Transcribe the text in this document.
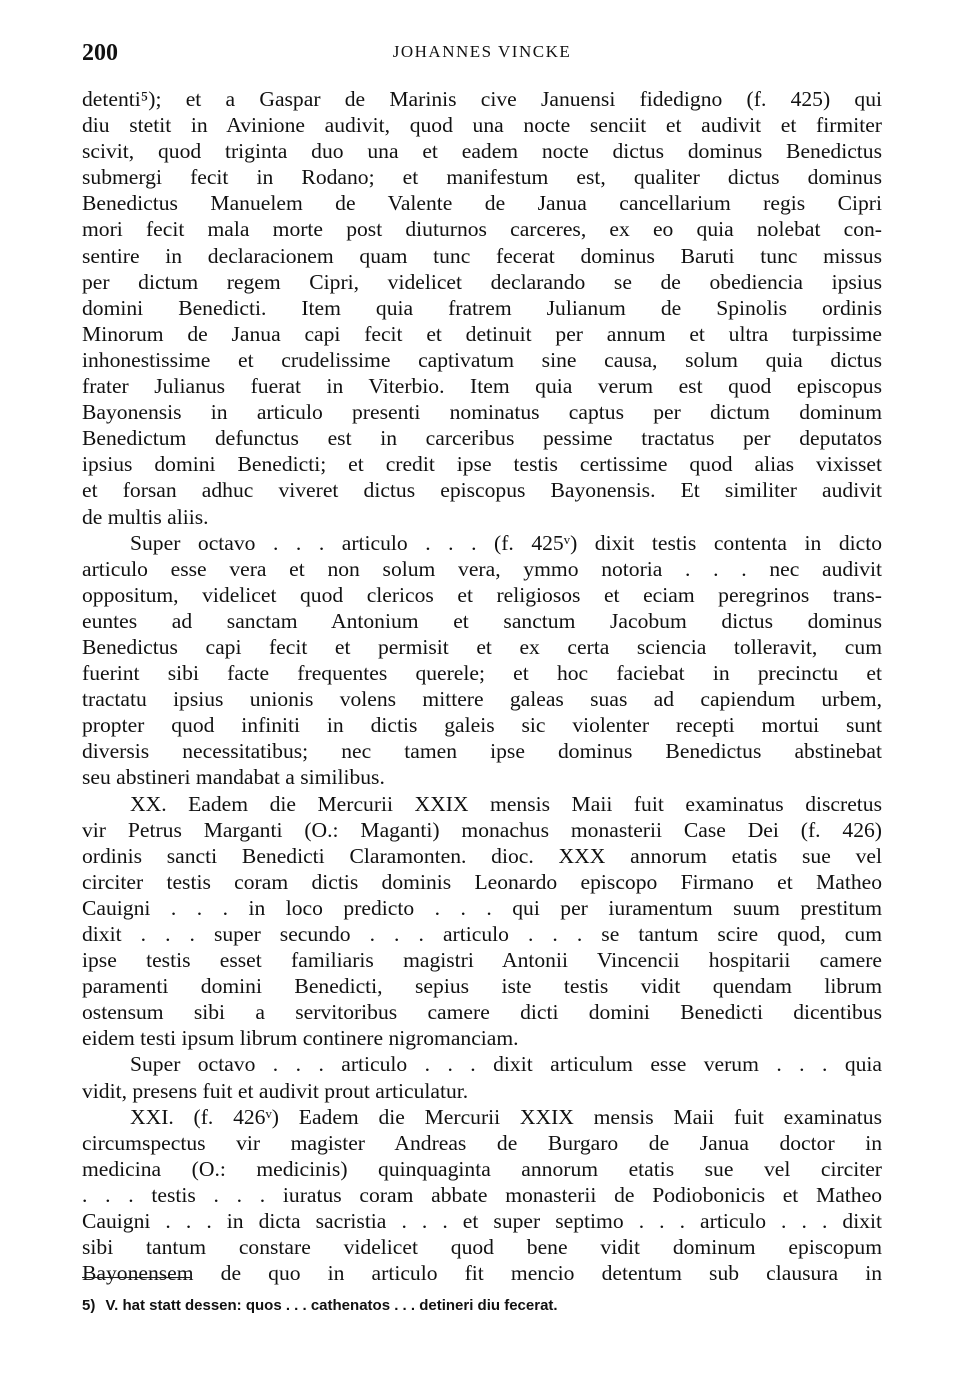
200	JOHANNES VINCKE
detenti⁵); et a Gaspar de Marinis cive Januensi fidedigno (f. 425) qui
diu stetit in Avinione audivit, quod una nocte senciit et audivit et firmiter
scivit, quod triginta duo una et eadem nocte dictus dominus Benedictus
submergi fecit in Rodano; et manifestum est, qualiter dictus dominus
Benedictus Manuelem de Valente de Janua cancellarium regis Cipri
mori fecit mala morte post diuturnos carceres, ex eo quia nolebat con-
sentire in declaracionem quam tunc fecerat dominus Baruti tunc missus
per dictum regem Cipri, videlicet declarando se de obediencia ipsius
domini Benedicti. Item quia fratrem Julianum de Spinolis ordinis
Minorum de Janua capi fecit et detinuit per annum et ultra turpissime
inhonestissime et crudelissime captivatum sine causa, solum quia dictus
frater Julianus fuerat in Viterbio. Item quia verum est quod episcopus
Bayonensis in articulo presenti nominatus captus per dictum dominum
Benedictum defunctus est in carceribus pessime tractatus per deputatos
ipsius domini Benedicti; et credit ipse testis certissime quod alias vixisset
et forsan adhuc viveret dictus episcopus Bayonensis. Et similiter audivit
de multis aliis.
Super octavo . . . articulo . . . (f. 425ᵛ) dixit testis contenta in dicto
articulo esse vera et non solum vera, ymmo notoria . . . nec audivit
oppositum, videlicet quod clericos et religiosos et eciam peregrinos trans-
euntes ad sanctam Antonium et sanctum Jacobum dictus dominus
Benedictus capi fecit et permisit et ex certa sciencia tolleravit, cum
fuerint sibi facte frequentes querele; et hoc faciebat in precinctu et
tractatu ipsius unionis volens mittere galeas suas ad capiendum urbem,
propter quod infiniti in dictis galeis sic violenter recepti mortui sunt
diversis necessitatibus; nec tamen ipse dominus Benedictus abstinebat
seu abstineri mandabat a similibus.
XX. Eadem die Mercurii XXIX mensis Maii fuit examinatus discretus
vir Petrus Marganti (O.: Maganti) monachus monasterii Case Dei (f. 426)
ordinis sancti Benedicti Claramonten. dioc. XXX annorum etatis sue vel
circiter testis coram dictis dominis Leonardo episcopo Firmano et Matheo
Cauigni . . . in loco predicto . . . qui per iuramentum suum prestitum
dixit . . . super secundo . . . articulo . . . se tantum scire quod, cum
ipse testis esset familiaris magistri Antonii Vincencii hospitarii camere
paramenti domini Benedicti, sepius iste testis vidit quendam librum
ostensum sibi a servitoribus camere dicti domini Benedicti dicentibus
eidem testi ipsum librum continere nigromanciam.
Super octavo . . . articulo . . . dixit articulum esse verum . . . quia
vidit, presens fuit et audivit prout articulatur.
XXI. (f. 426ᵛ) Eadem die Mercurii XXIX mensis Maii fuit examinatus
circumspectus vir magister Andreas de Burgaro de Janua doctor in
medicina (O.: medicinis) quinquaginta annorum etatis sue vel circiter
. . . testis . . . iuratus coram abbate monasterii de Podiobonicis et Matheo
Cauigni . . . in dicta sacristia . . . et super septimo . . . articulo . . . dixit
sibi tantum constare videlicet quod bene vidit dominum episcopum
Bayonensem de quo in articulo fit mencio detentum sub clausura in
5) V. hat statt dessen: quos . . . cathenatos . . . detineri diu fecerat.
